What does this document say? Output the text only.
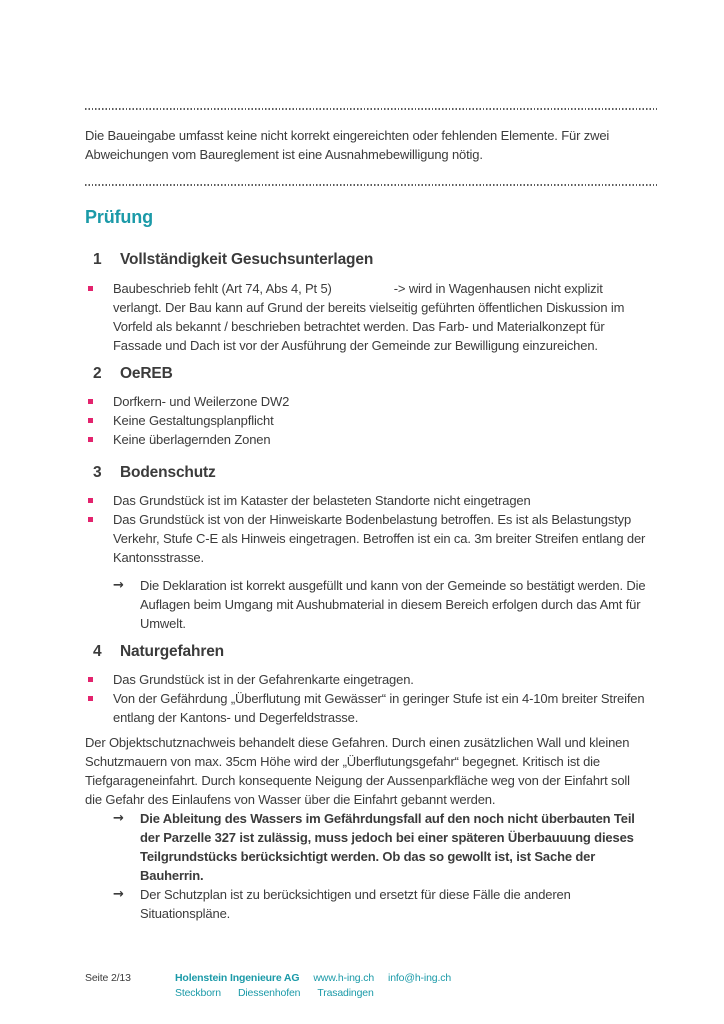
Die Baueingabe umfasst keine nicht korrekt eingereichten oder fehlenden Elemente. Für zwei Abweichungen vom Baureglement ist eine Ausnahmebewilligung nötig.

Prüfung
1	Vollständigkeit Gesuchsunterlagen
Baubeschrieb fehlt (Art 74, Abs 4, Pt 5)	-> wird in Wagenhausen nicht explizit verlangt. Der Bau kann auf Grund der bereits vielseitig geführten öffentlichen Diskussion im Vorfeld als bekannt / beschrieben betrachtet werden. Das Farb- und Materialkonzept für Fassade und Dach ist vor der Ausführung der Gemeinde zur Bewilligung einzureichen.
2	OeREB
Dorfkern- und Weilerzone DW2
Keine Gestaltungsplanpflicht
Keine überlagernden Zonen
3	Bodenschutz
Das Grundstück ist im Kataster der belasteten Standorte nicht eingetragen
Das Grundstück ist von der Hinweiskarte Bodenbelastung betroffen. Es ist als Belastungstyp Verkehr, Stufe C-E als Hinweis eingetragen. Betroffen ist ein ca. 3m breiter Streifen entlang der Kantonsstrasse.
→	Die Deklaration ist korrekt ausgefüllt und kann von der Gemeinde so bestätigt werden. Die Auflagen beim Umgang mit Aushubmaterial in diesem Bereich erfolgen durch das Amt für Umwelt.
4	Naturgefahren
Das Grundstück ist in der Gefahrenkarte eingetragen.
Von der Gefährdung „Überflutung mit Gewässer“ in geringer Stufe ist ein 4-10m breiter Streifen entlang der Kantons- und Degerfeldstrasse.

Der Objektschutznachweis behandelt diese Gefahren. Durch einen zusätzlichen Wall und kleinen Schutzmauern von max. 35cm Höhe wird der „Überflutungsgefahr“ begegnet. Kritisch ist die Tiefgarageneinfahrt. Durch konsequente Neigung der Aussenparkfläche weg von der Einfahrt soll die Gefahr des Einlaufens von Wasser über die Einfahrt gebannt werden.

→	Die Ableitung des Wassers im Gefährdungsfall auf den noch nicht überbauten Teil der Parzelle 327 ist zulässig, muss jedoch bei einer späteren Überbauuung dieses Teilgrundstücks berücksichtigt werden. Ob das so gewollt ist, ist Sache der Bauherrin.
→	Der Schutzplan ist zu berücksichtigen und ersetzt für diese Fälle die anderen Situationspläne.
Seite 2/13	Holenstein Ingenieure AG www.h-ing.ch info@h-ing.ch
Steckborn Diessenhofen Trasadingen
